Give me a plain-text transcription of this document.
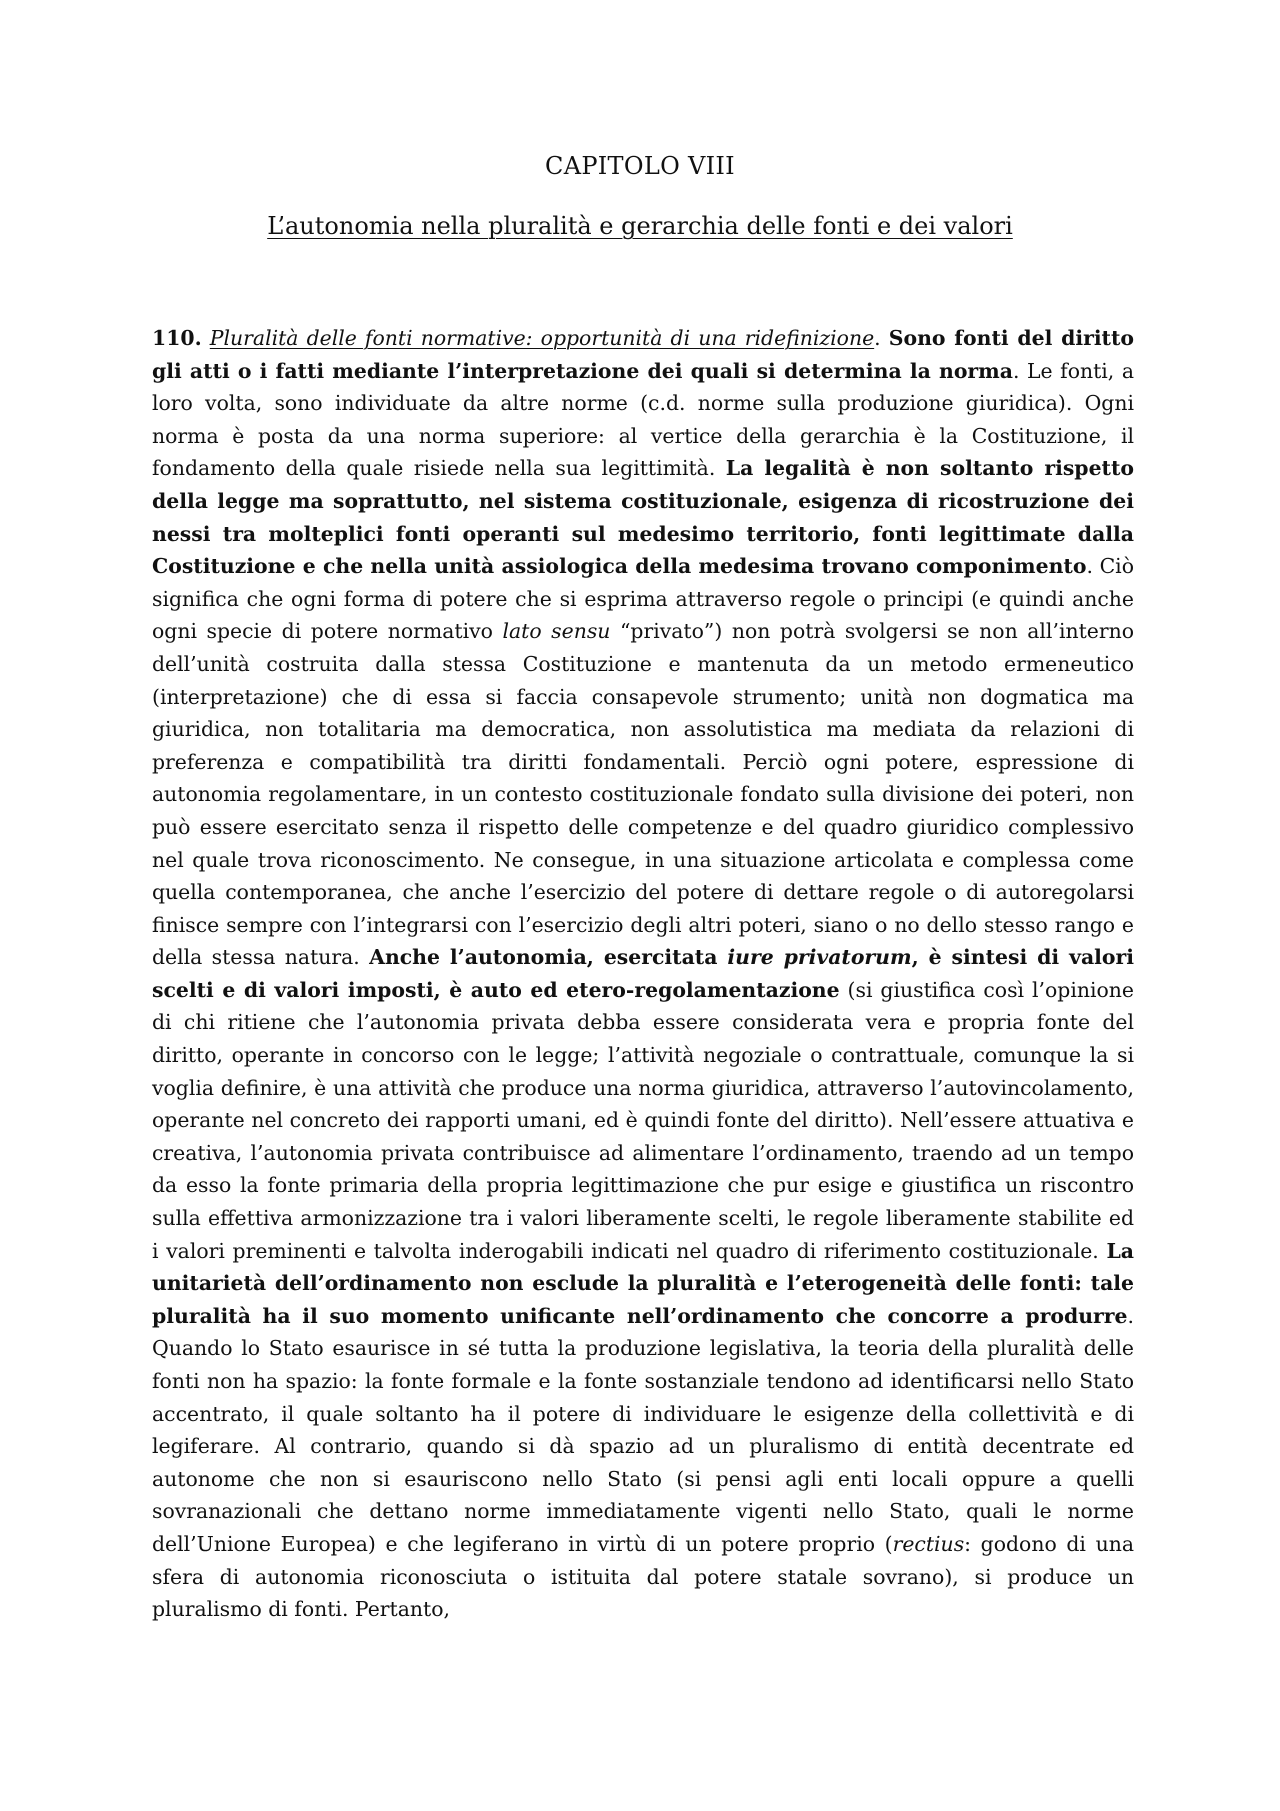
CAPITOLO VIII
L’autonomia nella pluralità e gerarchia delle fonti e dei valori

110. Pluralità delle fonti normative: opportunità di una ridefinizione. Sono fonti del diritto gli atti o i fatti mediante l’interpretazione dei quali si determina la norma. Le fonti, a loro volta, sono individuate da altre norme (c.d. norme sulla produzione giuridica). Ogni norma è posta da una norma superiore: al vertice della gerarchia è la Costituzione, il fondamento della quale risiede nella sua legittimità. La legalità è non soltanto rispetto della legge ma soprattutto, nel sistema costituzionale, esigenza di ricostruzione dei nessi tra molteplici fonti operanti sul medesimo territorio, fonti legittimate dalla Costituzione e che nella unità assiologica della medesima trovano componimento. Ciò significa che ogni forma di potere che si esprima attraverso regole o principi (e quindi anche ogni specie di potere normativo lato sensu “privato”) non potrà svolgersi se non all’interno dell’unità costruita dalla stessa Costituzione e mantenuta da un metodo ermeneutico (interpretazione) che di essa si faccia consapevole strumento; unità non dogmatica ma giuridica, non totalitaria ma democratica, non assolutistica ma mediata da relazioni di preferenza e compatibilità tra diritti fondamentali. Perciò ogni potere, espressione di autonomia regolamentare, in un contesto costituzionale fondato sulla divisione dei poteri, non può essere esercitato senza il rispetto delle competenze e del quadro giuridico complessivo nel quale trova riconoscimento. Ne consegue, in una situazione articolata e complessa come quella contemporanea, che anche l’esercizio del potere di dettare regole o di autoregolarsi finisce sempre con l’integrarsi con l’esercizio degli altri poteri, siano o no dello stesso rango e della stessa natura. Anche l’autonomia, esercitata iure privatorum, è sintesi di valori scelti e di valori imposti, è auto ed etero-regolamentazione (si giustifica così l’opinione di chi ritiene che l’autonomia privata debba essere considerata vera e propria fonte del diritto, operante in concorso con le legge; l’attività negoziale o contrattuale, comunque la si voglia definire, è una attività che produce una norma giuridica, attraverso l’autovincolamento, operante nel concreto dei rapporti umani, ed è quindi fonte del diritto). Nell’essere attuativa e creativa, l’autonomia privata contribuisce ad alimentare l’ordinamento, traendo ad un tempo da esso la fonte primaria della propria legittimazione che pur esige e giustifica un riscontro sulla effettiva armonizzazione tra i valori liberamente scelti, le regole liberamente stabilite ed i valori preminenti e talvolta inderogabili indicati nel quadro di riferimento costituzionale. La unitarietà dell’ordinamento non esclude la pluralità e l’eterogeneità delle fonti: tale pluralità ha il suo momento unificante nell’ordinamento che concorre a produrre. Quando lo Stato esaurisce in sé tutta la produzione legislativa, la teoria della pluralità delle fonti non ha spazio: la fonte formale e la fonte sostanziale tendono ad identificarsi nello Stato accentrato, il quale soltanto ha il potere di individuare le esigenze della collettività e di legiferare. Al contrario, quando si dà spazio ad un pluralismo di entità decentrate ed autonome che non si esauriscono nello Stato (si pensi agli enti locali oppure a quelli sovranazionali che dettano norme immediatamente vigenti nello Stato, quali le norme dell’Unione Europea) e che legiferano in virtù di un potere proprio (rectius: godono di una sfera di autonomia riconosciuta o istituita dal potere statale sovrano), si produce un pluralismo di fonti. Pertanto,
